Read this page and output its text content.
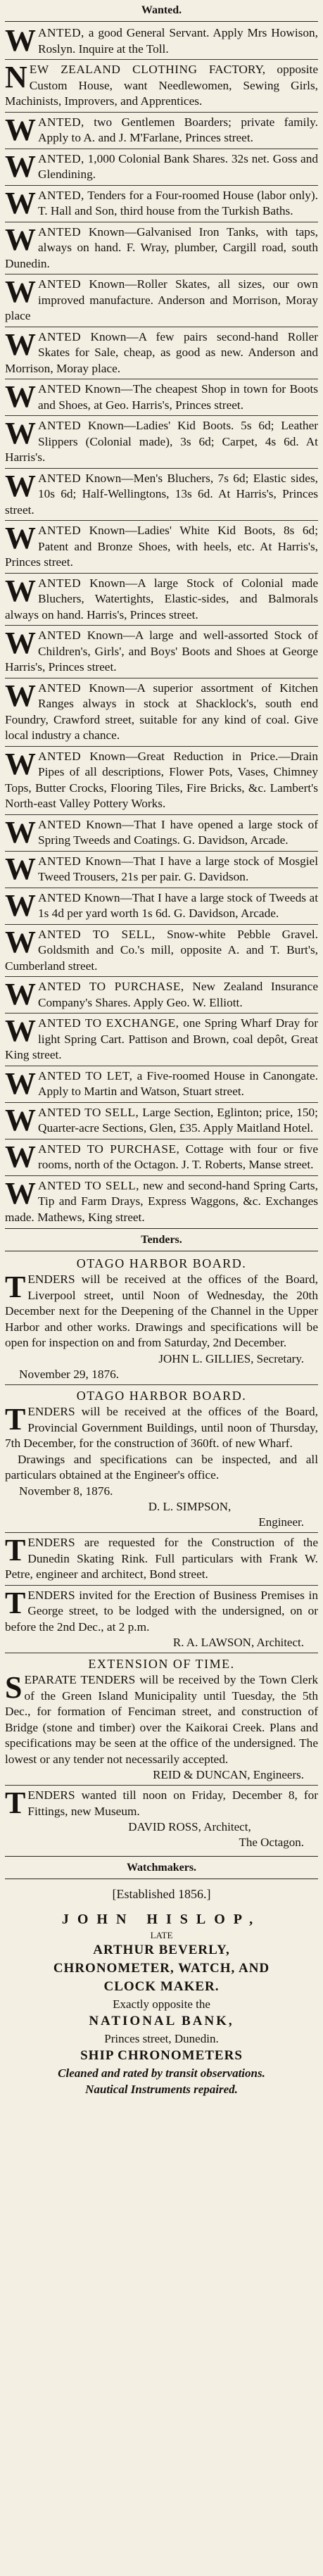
Wanted.

WANTED, a good General Servant. Apply Mrs Howison, Roslyn. Inquire at the Toll.

NEW ZEALAND CLOTHING FACTORY, opposite Custom House, want Needlewomen, Sewing Girls, Machinists, Improvers, and Apprentices.

WANTED, two Gentlemen Boarders; private family. Apply to A. and J. M'Farlane, Princes street.

WANTED, 1,000 Colonial Bank Shares. 32s net. Goss and Glendining.

WANTED, Tenders for a Four-roomed House (labor only). T. Hall and Son, third house from the Turkish Baths.

WANTED Known—Galvanised Iron Tanks, with taps, always on hand. F. Wray, plumber, Cargill road, south Dunedin.

WANTED Known—Roller Skates, all sizes, our own improved manufacture. Anderson and Morrison, Moray place

WANTED Known—A few pairs second-hand Roller Skates for Sale, cheap, as good as new. Anderson and Morrison, Moray place.

WANTED Known—The cheapest Shop in town for Boots and Shoes, at Geo. Harris's, Princes street.

WANTED Known—Ladies' Kid Boots. 5s 6d; Leather Slippers (Colonial made), 3s 6d; Carpet, 4s 6d. At Harris's.

WANTED Known—Men's Bluchers, 7s 6d; Elastic sides, 10s 6d; Half-Wellingtons, 13s 6d. At Harris's, Princes street.

WANTED Known—Ladies' White Kid Boots, 8s 6d; Patent and Bronze Shoes, with heels, etc. At Harris's, Princes street.

WANTED Known—A large Stock of Colonial made Bluchers, Watertights, Elastic-sides, and Balmorals always on hand. Harris's, Princes street.

WANTED Known—A large and well-assorted Stock of Children's, Girls', and Boys' Boots and Shoes at George Harris's, Princes street.

WANTED Known—A superior assortment of Kitchen Ranges always in stock at Shacklock's, south end Foundry, Crawford street, suitable for any kind of coal. Give local industry a chance.

WANTED Known—Great Reduction in Price.—Drain Pipes of all descriptions, Flower Pots, Vases, Chimney Tops, Butter Crocks, Flooring Tiles, Fire Bricks, &c. Lambert's North-east Valley Pottery Works.

WANTED Known—That I have opened a large stock of Spring Tweeds and Coatings. G. Davidson, Arcade.

WANTED Known—That I have a large stock of Mosgiel Tweed Trousers, 21s per pair. G. Davidson.

WANTED Known—That I have a large stock of Tweeds at 1s 4d per yard worth 1s 6d. G. Davidson, Arcade.

WANTED TO SELL, Snow-white Pebble Gravel. Goldsmith and Co.'s mill, opposite A. and T. Burt's, Cumberland street.

WANTED TO PURCHASE, New Zealand Insurance Company's Shares. Apply Geo. W. Elliott.

WANTED TO EXCHANGE, one Spring Wharf Dray for light Spring Cart. Pattison and Brown, coal depôt, Great King street.

WANTED TO LET, a Five-roomed House in Canongate. Apply to Martin and Watson, Stuart street.

WANTED TO SELL, Large Section, Eglinton; price, 150; Quarter-acre Sections, Glen, £35. Apply Maitland Hotel.

WANTED TO PURCHASE, Cottage with four or five rooms, north of the Octagon. J. T. Roberts, Manse street.

WANTED TO SELL, new and second-hand Spring Carts, Tip and Farm Drays, Express Waggons, &c. Exchanges made. Mathews, King street.

Tenders.

OTAGO HARBOR BOARD.

TENDERS will be received at the offices of the Board, Liverpool street, until Noon of Wednesday, the 20th December next for the Deepening of the Channel in the Upper Harbor and other works. Drawings and specifications will be open for inspection on and from Saturday, 2nd December.

JOHN L. GILLIES, Secretary.

November 29, 1876.

OTAGO HARBOR BOARD.

TENDERS will be received at the offices of the Board, Provincial Government Buildings, until noon of Thursday, 7th December, for the construction of 360ft. of new Wharf.

Drawings and specifications can be inspected, and all particulars obtained at the Engineer's office.

November 8, 1876.

D. L. SIMPSON,

Engineer.

TENDERS are requested for the Construction of the Dunedin Skating Rink. Full particulars with Frank W. Petre, engineer and architect, Bond street.

TENDERS invited for the Erection of Business Premises in George street, to be lodged with the undersigned, on or before the 2nd Dec., at 2 p.m.

R. A. LAWSON, Architect.

EXTENSION OF TIME.

SEPARATE TENDERS will be received by the Town Clerk of the Green Island Municipality until Tuesday, the 5th Dec., for formation of Fenciman street, and construction of Bridge (stone and timber) over the Kaikorai Creek. Plans and specifications may be seen at the office of the undersigned. The lowest or any tender not necessarily accepted.

REID & DUNCAN, Engineers.

TENDERS wanted till noon on Friday, December 8, for Fittings, new Museum.

DAVID ROSS, Architect,

The Octagon.

Watchmakers.

[Established 1856.]

JOHN HISLOP,

LATE

ARTHUR BEVERLY,

CHRONOMETER, WATCH, AND

CLOCK MAKER.

Exactly opposite the

NATIONAL BANK,

Princes street, Dunedin.

SHIP CHRONOMETERS

Cleaned and rated by transit observations.

Nautical Instruments repaired.
